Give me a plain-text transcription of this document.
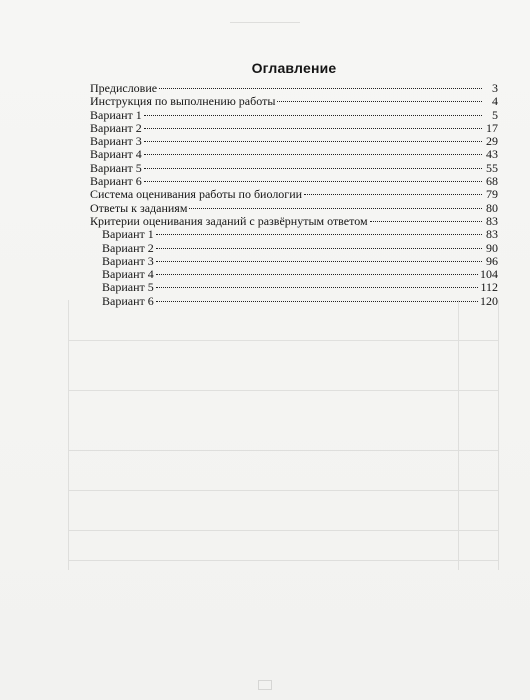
Оглавление
Предисловие	3
Инструкция по выполнению работы	4
Вариант 1	5
Вариант 2	17
Вариант 3	29
Вариант 4	43
Вариант 5	55
Вариант 6	68
Система оценивания работы по биологии	79
Ответы к заданиям	80
Критерии оценивания заданий с развёрнутым ответом	83
Вариант 1	83
Вариант 2	90
Вариант 3	96
Вариант 4	104
Вариант 5	112
Вариант 6	120
